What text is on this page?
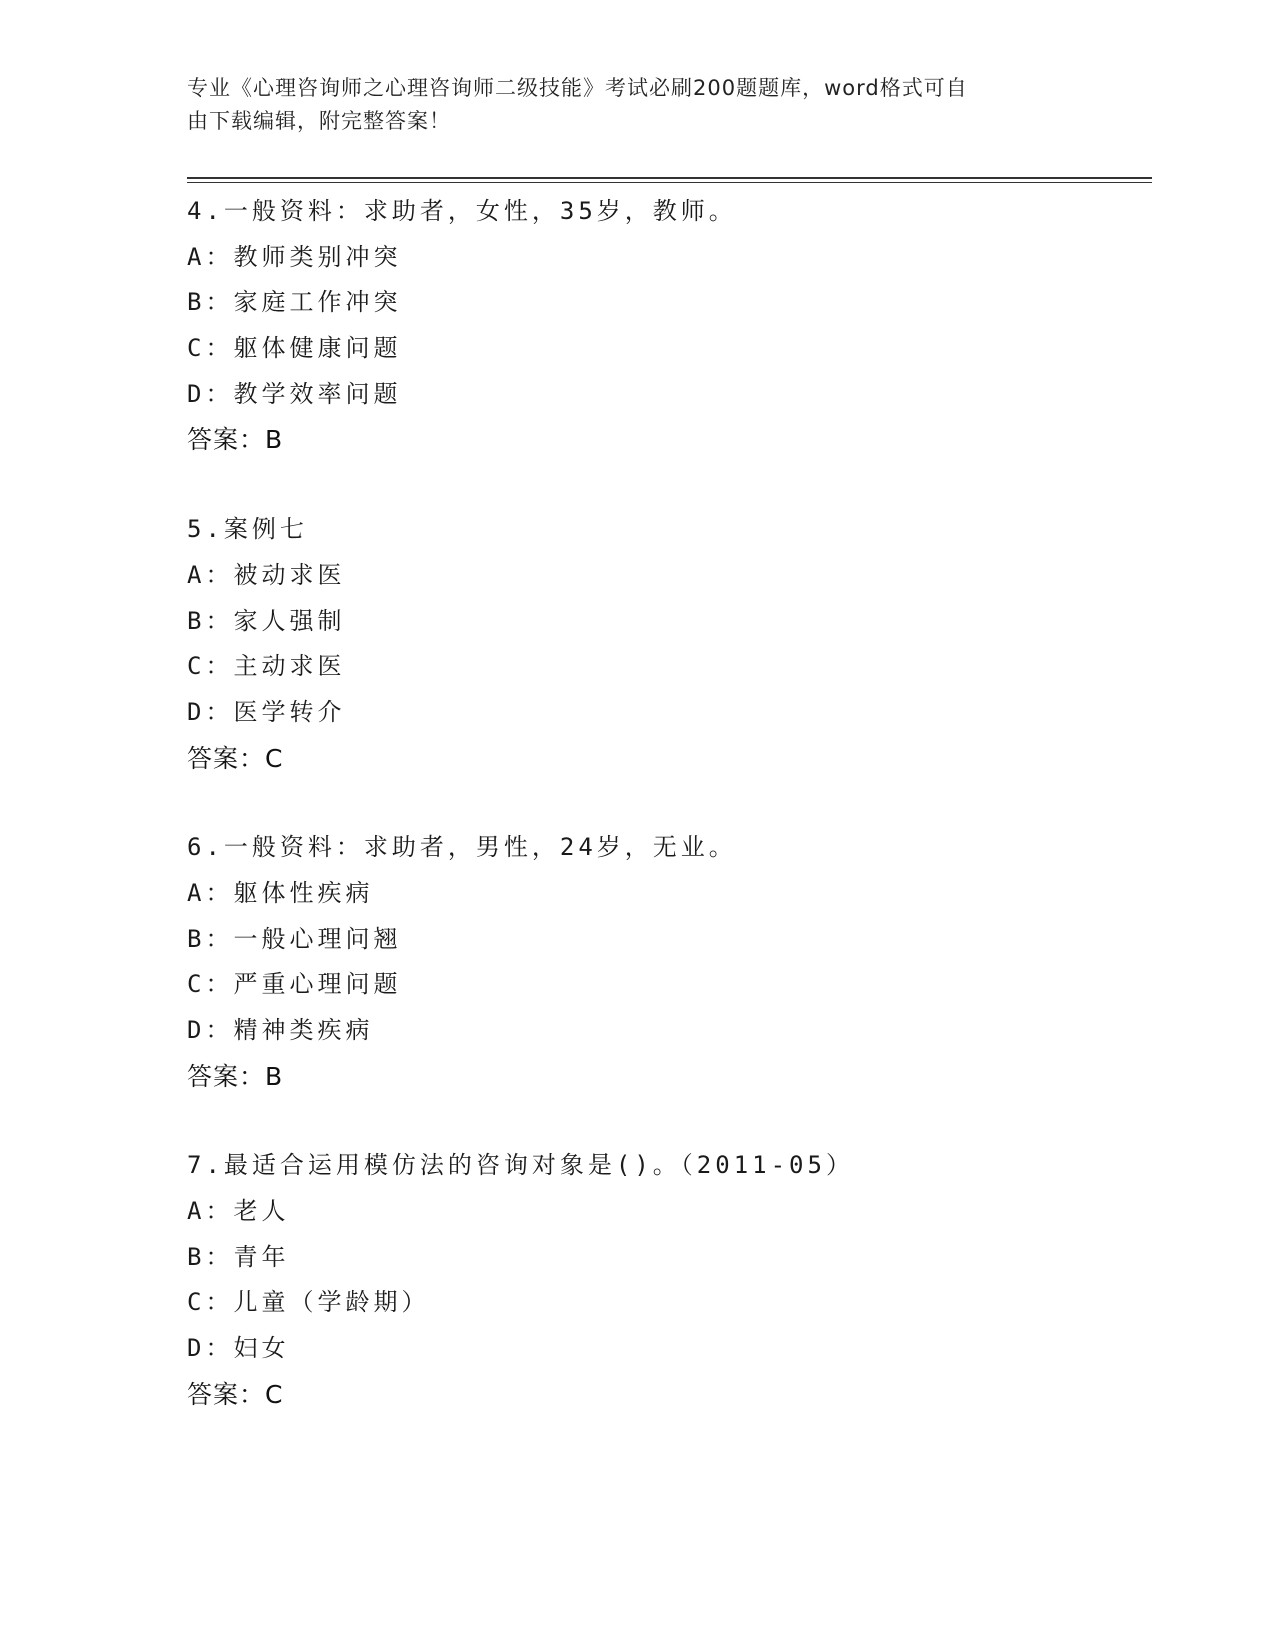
专业《心理咨询师之心理咨询师二级技能》考试必刷200题题库，word格式可自
由下载编辑，附完整答案！
4.一般资料：求助者，女性，35岁，教师。
A：教师类别冲突
B：家庭工作冲突
C：躯体健康问题
D：教学效率问题
答案：B
5.案例七
A：被动求医
B：家人强制
C：主动求医
D：医学转介
答案：C
6.一般资料：求助者，男性，24岁，无业。
A：躯体性疾病
B：一般心理问翘
C：严重心理问题
D：精神类疾病
答案：B
7.最适合运用模仿法的咨询对象是()。（2011-05）
A：老人
B：青年
C：儿童（学龄期）
D：妇女
答案：C
